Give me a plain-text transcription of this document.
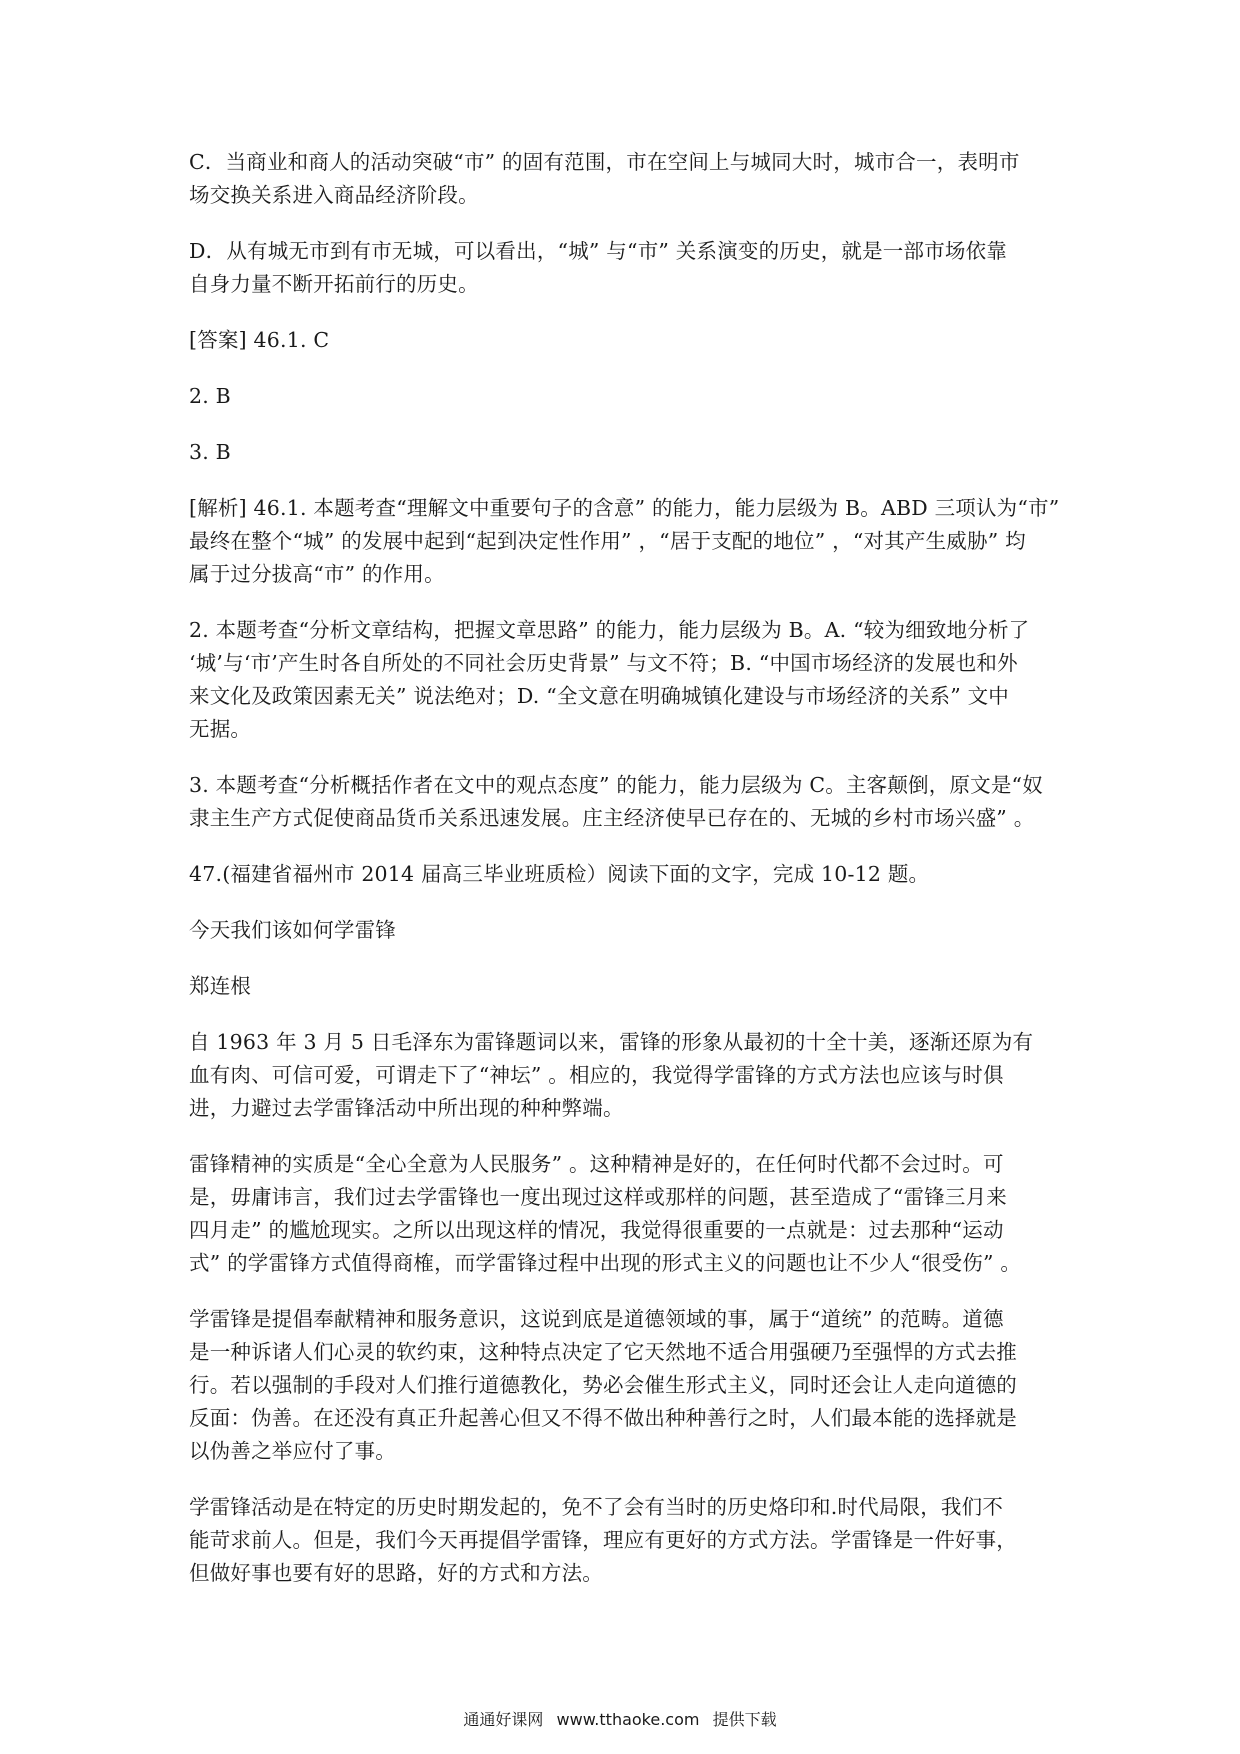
C．当商业和商人的活动突破“市” 的固有范围，市在空间上与城同大时，城市合一，表明市
场交换关系进入商品经济阶段。

D．从有城无市到有市无城，可以看出，“城” 与“市” 关系演变的历史，就是一部市场依靠
自身力量不断开拓前行的历史。

[答案] 46.1. C

2. B

3. B

[解析] 46.1. 本题考查“理解文中重要句子的含意” 的能力，能力层级为 B。ABD 三项认为“市”
最终在整个“城” 的发展中起到“起到决定性作用” ，“居于支配的地位” ，“对其产生威胁” 均
属于过分拔高“市” 的作用。

2. 本题考查“分析文章结构，把握文章思路” 的能力，能力层级为 B。A. “较为细致地分析了
‘城’与‘市’产生时各自所处的不同社会历史背景” 与文不符；B. “中国市场经济的发展也和外
来文化及政策因素无关” 说法绝对；D. “全文意在明确城镇化建设与市场经济的关系” 文中
无据。

3. 本题考查“分析概括作者在文中的观点态度” 的能力，能力层级为 C。主客颠倒，原文是“奴
隶主生产方式促使商品货币关系迅速发展。庄主经济使早已存在的、无城的乡村市场兴盛” 。

47.(福建省福州市 2014 届高三毕业班质检）阅读下面的文字，完成 10-12 题。

今天我们该如何学雷锋

郑连根

自 1963 年 3 月 5 日毛泽东为雷锋题词以来，雷锋的形象从最初的十全十美，逐渐还原为有
血有肉、可信可爱，可谓走下了“神坛” 。相应的，我觉得学雷锋的方式方法也应该与时俱
进，力避过去学雷锋活动中所出现的种种弊端。

雷锋精神的实质是“全心全意为人民服务” 。这种精神是好的，在任何时代都不会过时。可
是，毋庸讳言，我们过去学雷锋也一度出现过这样或那样的问题，甚至造成了“雷锋三月来
四月走” 的尴尬现实。之所以出现这样的情况，我觉得很重要的一点就是：过去那种“运动
式” 的学雷锋方式值得商榷，而学雷锋过程中出现的形式主义的问题也让不少人“很受伤” 。

学雷锋是提倡奉献精神和服务意识，这说到底是道德领域的事，属于“道统” 的范畴。道德
是一种诉诸人们心灵的软约束，这种特点决定了它天然地不适合用强硬乃至强悍的方式去推
行。若以强制的手段对人们推行道德教化，势必会催生形式主义，同时还会让人走向道德的
反面：伪善。在还没有真正升起善心但又不得不做出种种善行之时，人们最本能的选择就是
以伪善之举应付了事。

学雷锋活动是在特定的历史时期发起的，免不了会有当时的历史烙印和.时代局限，我们不
能苛求前人。但是，我们今天再提倡学雷锋，理应有更好的方式方法。学雷锋是一件好事，
但做好事也要有好的思路，好的方式和方法。

通通好课网 www.tthaoke.com 提供下载
